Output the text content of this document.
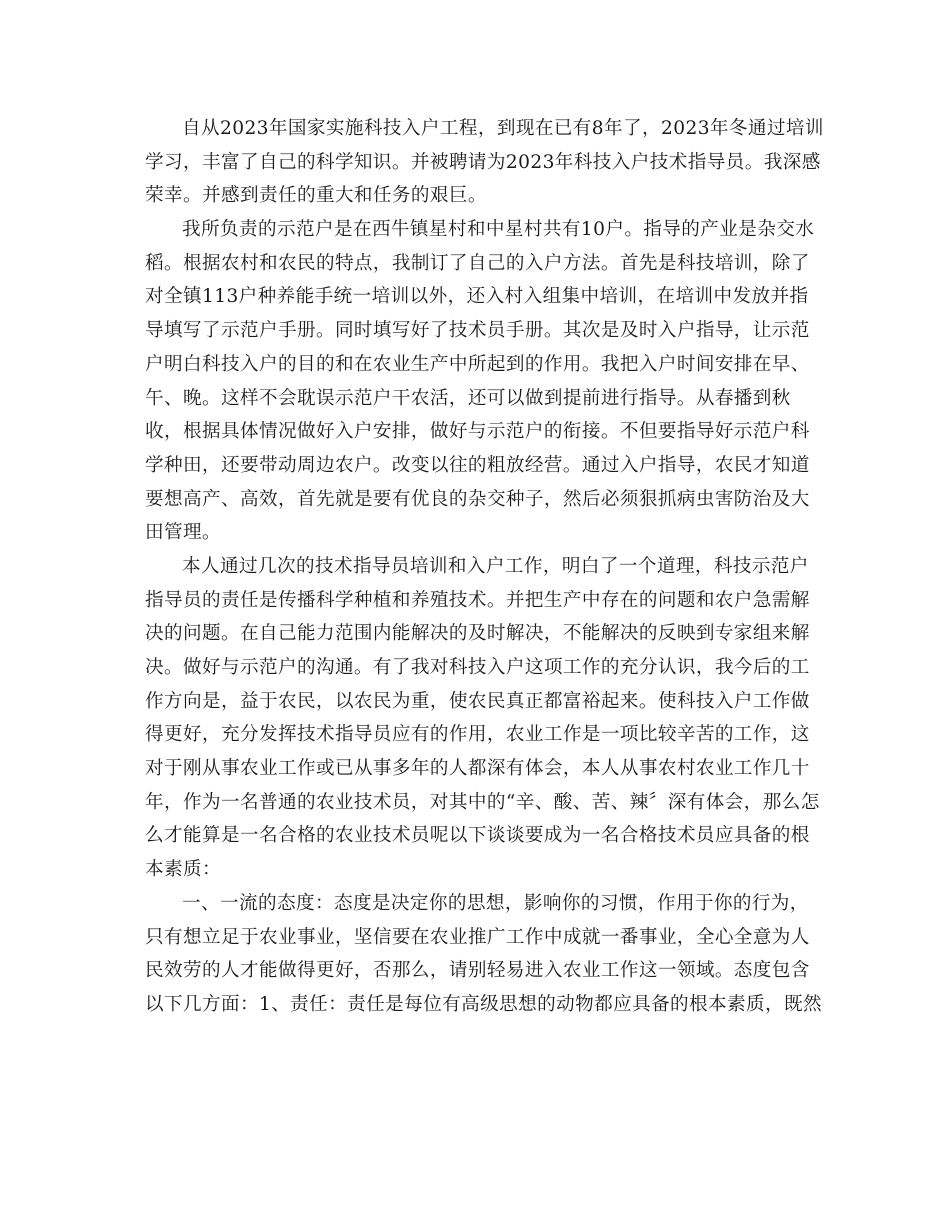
自从2023年国家实施科技入户工程，到现在已有8年了，2023年冬通过培训
学习，丰富了自己的科学知识。并被聘请为2023年科技入户技术指导员。我深感
荣幸。并感到责任的重大和任务的艰巨。
我所负责的示范户是在西牛镇星村和中星村共有10户。指导的产业是杂交水
稻。根据农村和农民的特点，我制订了自己的入户方法。首先是科技培训，除了
对全镇113户种养能手统一培训以外，还入村入组集中培训，在培训中发放并指
导填写了示范户手册。同时填写好了技术员手册。其次是及时入户指导，让示范
户明白科技入户的目的和在农业生产中所起到的作用。我把入户时间安排在早、
午、晚。这样不会耽误示范户干农活，还可以做到提前进行指导。从春播到秋
收，根据具体情况做好入户安排，做好与示范户的衔接。不但要指导好示范户科
学种田，还要带动周边农户。改变以往的粗放经营。通过入户指导，农民才知道
要想高产、高效，首先就是要有优良的杂交种子，然后必须狠抓病虫害防治及大
田管理。
本人通过几次的技术指导员培训和入户工作，明白了一个道理，科技示范户
指导员的责任是传播科学种植和养殖技术。并把生产中存在的问题和农户急需解
决的问题。在自己能力范围内能解决的及时解决，不能解决的反映到专家组来解
决。做好与示范户的沟通。有了我对科技入户这项工作的充分认识，我今后的工
作方向是，益于农民，以农民为重，使农民真正都富裕起来。使科技入户工作做
得更好，充分发挥技术指导员应有的作用，农业工作是一项比较辛苦的工作，这
对于刚从事农业工作或已从事多年的人都深有体会，本人从事农村农业工作几十
年，作为一名普通的农业技术员，对其中的“辛、酸、苦、辣〞深有体会，那么怎
么才能算是一名合格的农业技术员呢以下谈谈要成为一名合格技术员应具备的根
本素质：
一、一流的态度：态度是决定你的思想，影响你的习惯，作用于你的行为，
只有想立足于农业事业，坚信要在农业推广工作中成就一番事业，全心全意为人
民效劳的人才能做得更好，否那么，请别轻易进入农业工作这一领域。态度包含
以下几方面：1、责任：责任是每位有高级思想的动物都应具备的根本素质，既然
